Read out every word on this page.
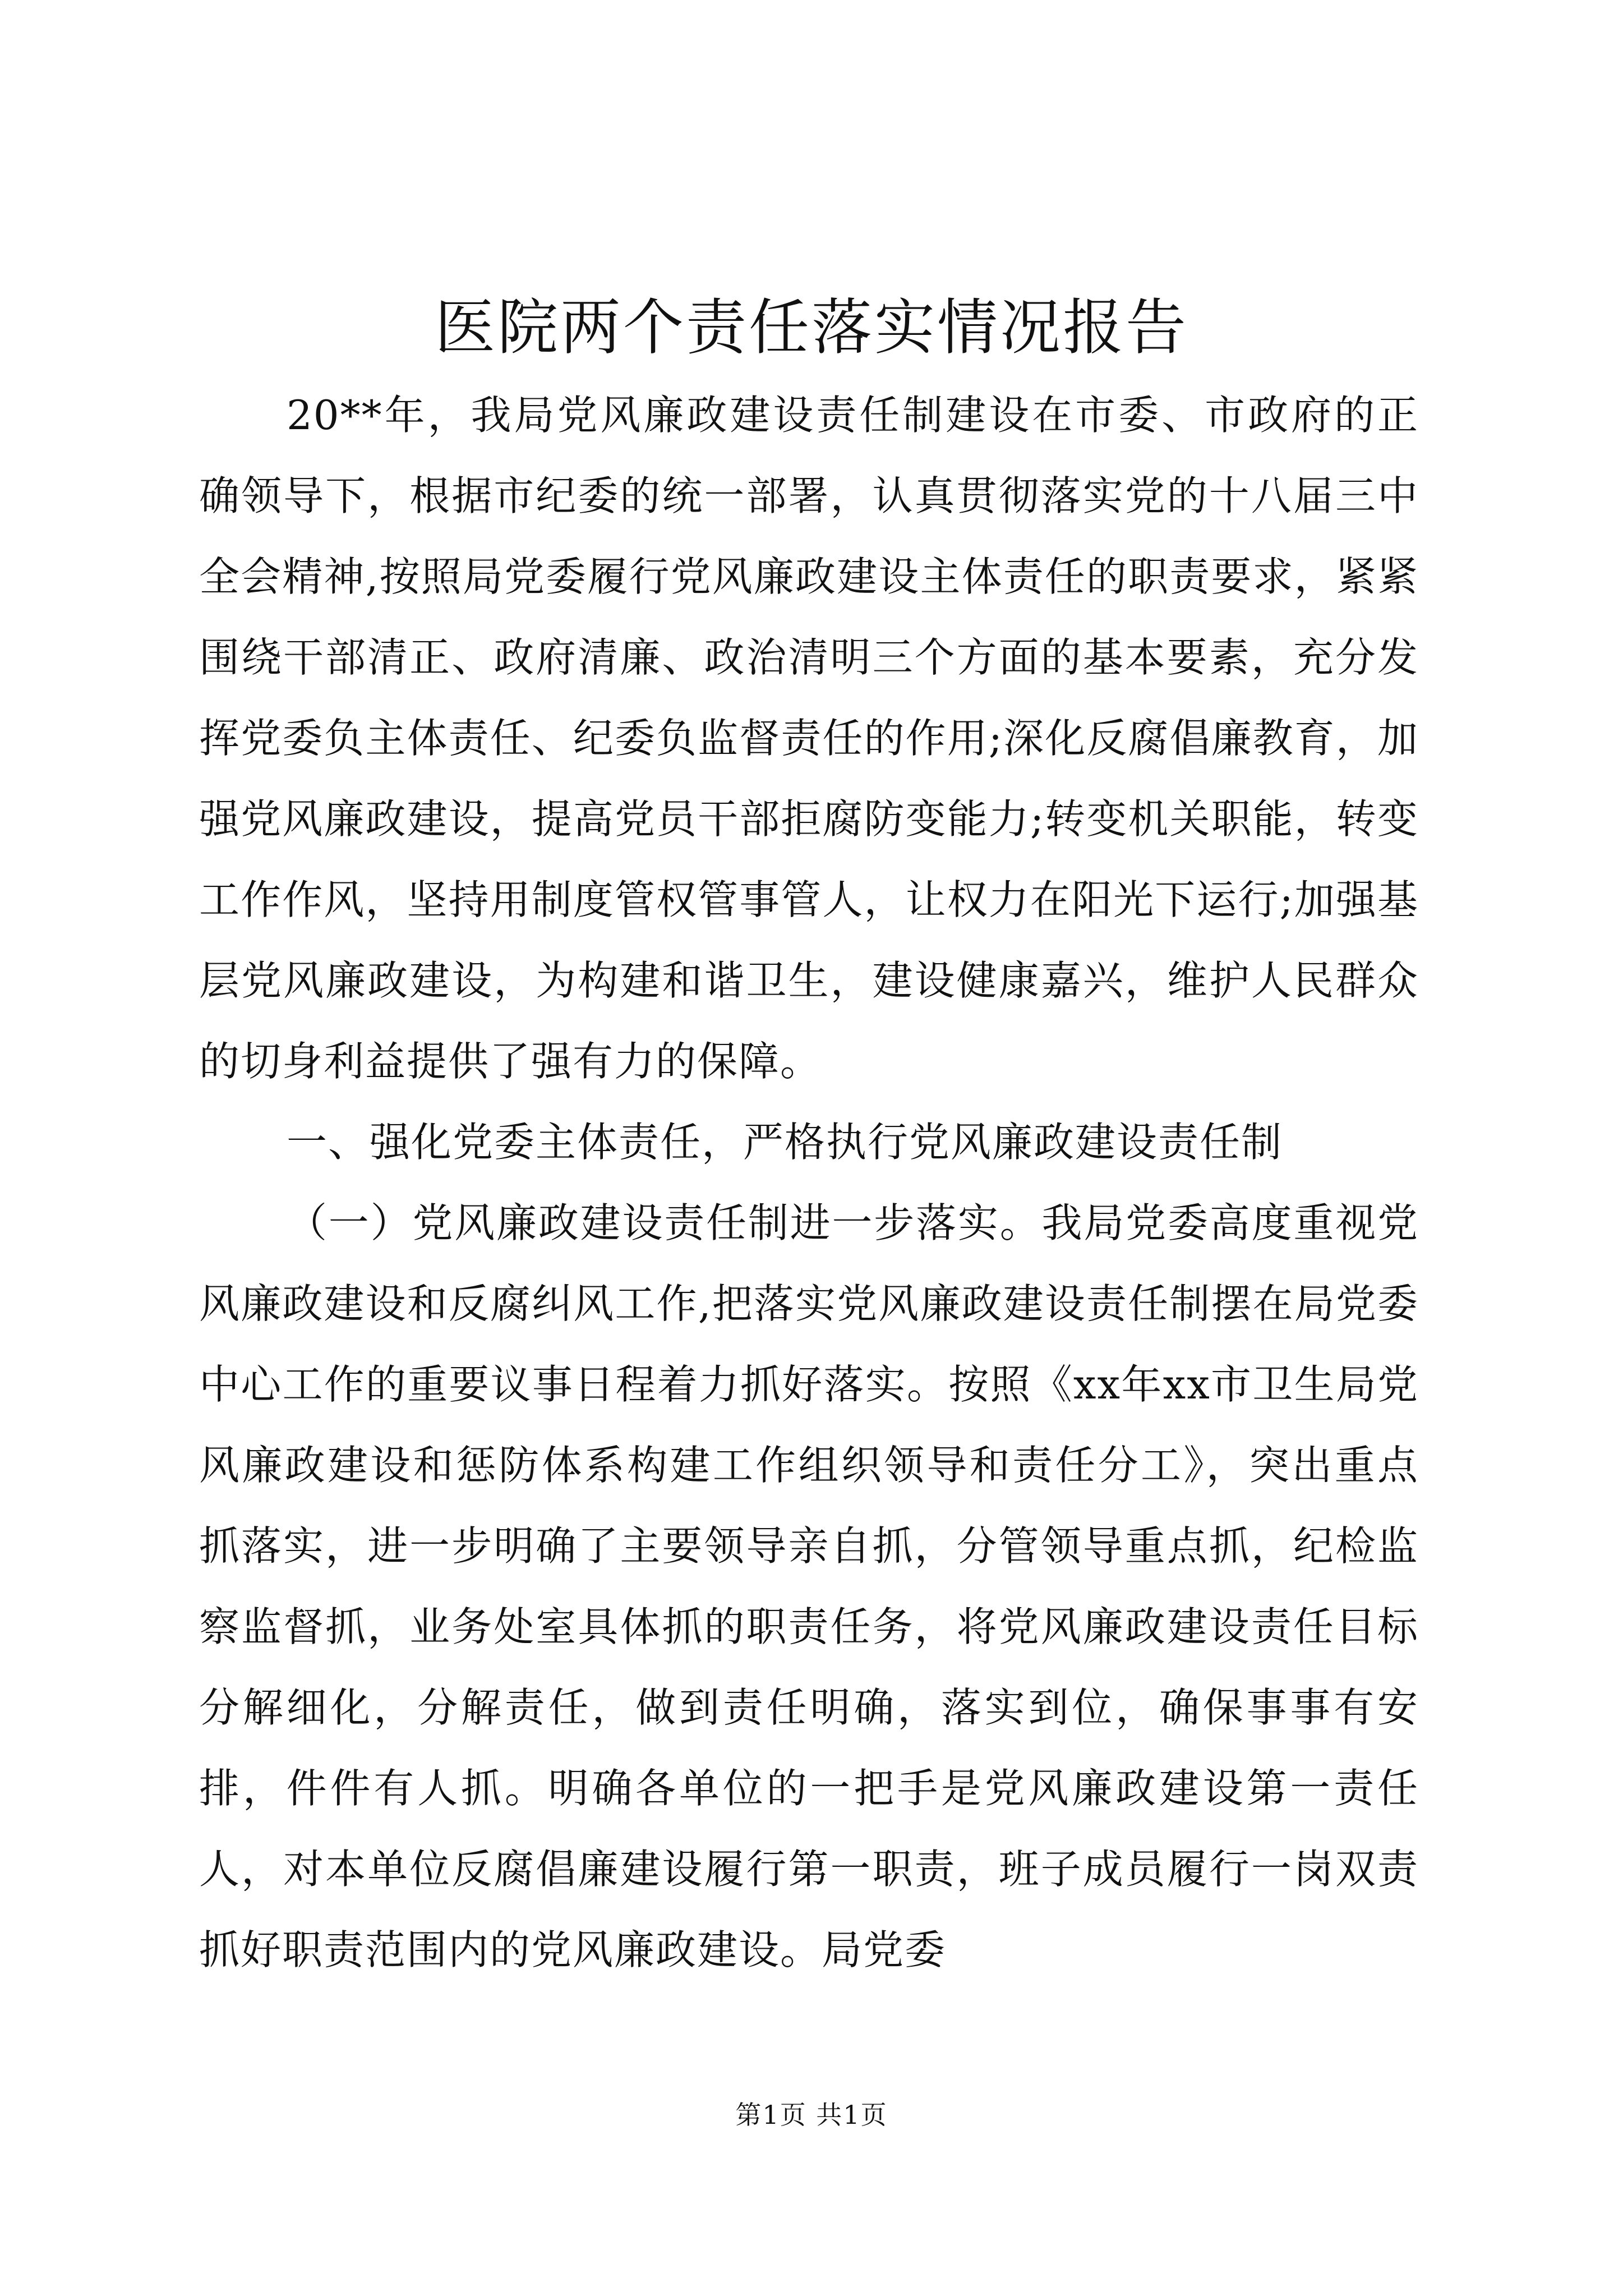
医院两个责任落实情况报告

20**年，我局党风廉政建设责任制建设在市委、市政府的正确领导下，根据市纪委的统一部署，认真贯彻落实党的十八届三中全会精神,按照局党委履行党风廉政建设主体责任的职责要求，紧紧围绕干部清正、政府清廉、政治清明三个方面的基本要素，充分发挥党委负主体责任、纪委负监督责任的作用;深化反腐倡廉教育，加强党风廉政建设，提高党员干部拒腐防变能力;转变机关职能，转变工作作风，坚持用制度管权管事管人，让权力在阳光下运行;加强基层党风廉政建设，为构建和谐卫生，建设健康嘉兴，维护人民群众的切身利益提供了强有力的保障。

一、强化党委主体责任，严格执行党风廉政建设责任制

（一）党风廉政建设责任制进一步落实。我局党委高度重视党风廉政建设和反腐纠风工作,把落实党风廉政建设责任制摆在局党委中心工作的重要议事日程着力抓好落实。按照《xx年xx市卫生局党风廉政建设和惩防体系构建工作组织领导和责任分工》，突出重点抓落实，进一步明确了主要领导亲自抓，分管领导重点抓，纪检监察监督抓，业务处室具体抓的职责任务，将党风廉政建设责任目标分解细化，分解责任，做到责任明确，落实到位，确保事事有安排，件件有人抓。明确各单位的一把手是党风廉政建设第一责任人，对本单位反腐倡廉建设履行第一职责，班子成员履行一岗双责抓好职责范围内的党风廉政建设。局党委

第1页 共1页
